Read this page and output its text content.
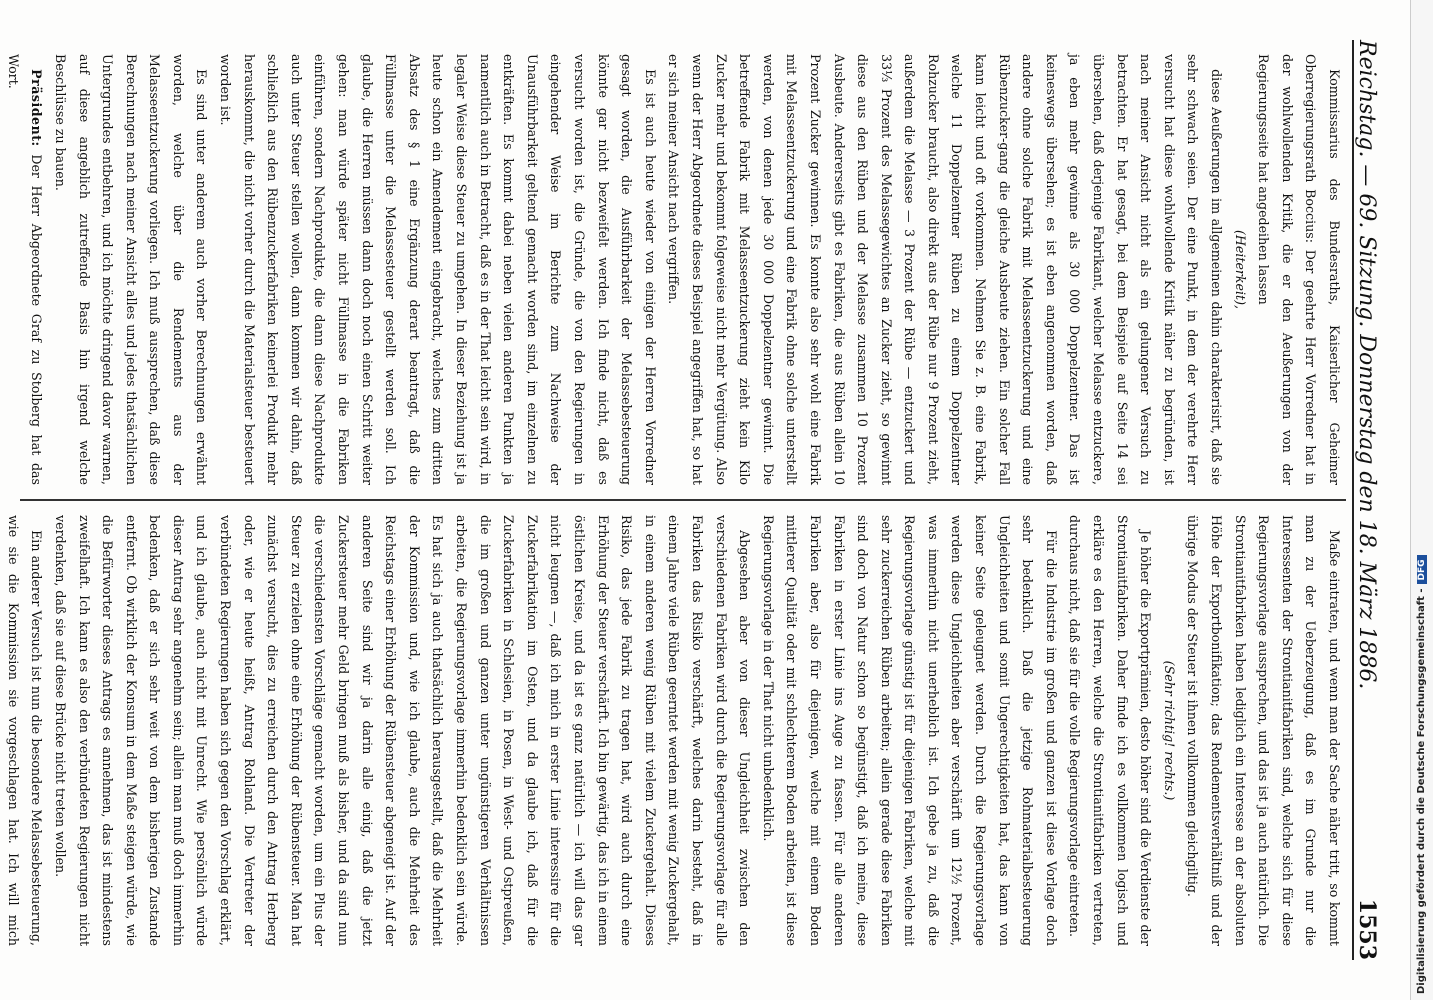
Reichstag. — 69. Sitzung. Donnerstag den 18. März 1886.
1553

Kommissarius des Bundesraths, Kaiserlicher Geheimer Oberregierungsrath Boccius: Der geehrte Herr Vorredner hat in der wohlwollenden Kritik, die er den Aeußerungen von der Regierungsseite hat angedeihen lassen

(Heiterkeit),

diese Aeußerungen im allgemeinen dahin charakterisirt, daß sie sehr schwach seien. Der eine Punkt, in dem der verehrte Herr versucht hat diese wohlwollende Kritik näher zu begründen, ist nach meiner Ansicht nicht als ein gelungener Versuch zu betrachten. Er hat gesagt, bei dem Beispiele auf Seite 14 sei übersehen, daß derjenige Fabrikant, welcher Melasse entzuckere, ja eben mehr gewinne als 30 000 Doppelzentner. Das ist keineswegs übersehen; es ist eben angenommen worden, daß andere ohne solche Fabrik mit Melasseentzuckerung und eine Rübenzucker-gang die gleiche Ausbeute ziehen. Ein solcher Fall kann leicht und oft vorkommen. Nehmen Sie z. B. eine Fabrik, welche 11 Doppelzentner Rüben zu einem Doppelzentner Rohzucker braucht, also direkt aus der Rübe nur 9 Prozent zieht, außerdem die Melasse — 3 Prozent der Rübe — entzuckert und 33⅓ Prozent des Melassegewichtes an Zucker zieht, so gewinnt diese aus den Rüben und der Melasse zusammen 10 Prozent Ausbeute. Andererseits gibt es Fabriken, die aus Rüben allein 10 Prozent Zucker gewinnen. Es konnte also sehr wohl eine Fabrik mit Melasseentzuckerung und eine Fabrik ohne solche unterstellt werden, von denen jede 30 000 Doppelzentner gewinnt. Die betreffende Fabrik mit Melasseentzuckerung zieht kein Kilo Zucker mehr und bekommt folgeweise nicht mehr Vergütung. Also wenn der Herr Abgeordnete dieses Beispiel angegriffen hat, so hat er sich meiner Ansicht nach vergriffen.

Es ist auch heute wieder von einigen der Herren Vorredner gesagt worden, die Ausführbarkeit der Melassebesteuerung könnte gar nicht bezweifelt werden. Ich finde nicht, daß es versucht worden ist, die Gründe, die von den Regierungen in eingehender Weise im Berichte zum Nachweise der Unausführbarkeit geltend gemacht worden sind, im einzelnen zu entkräften. Es kommt dabei neben vielen anderen Punkten ja namentlich auch in Betracht, daß es in der That leicht sein wird, in legaler Weise diese Steuer zu umgehen. In dieser Beziehung ist ja heute schon ein Amendement eingebracht, welches zum dritten Absatz des § 1 eine Ergänzung derart beantragt, daß die Füllmasse unter die Melassesteuer gestellt werden soll. Ich glaube, die Herren müssen dann doch noch einen Schritt weiter gehen: man würde später nicht Füllmasse in die Fabriken einführen, sondern Nachprodukte, die dann diese Nachprodukte auch unter Steuer stellen wollen, dann kommen wir dahin, daß schließlich aus den Rübenzuckerfabriken keinerlei Produkt mehr herauskommt, die nicht vorher durch die Materialsteuer besteuert worden ist.

Es sind unter anderem auch vorher Berechnungen erwähnt worden, welche über die Rendements aus der Melasseentzuckerung vorliegen. Ich muß aussprechen, daß diese Berechnungen nach meiner Ansicht alles und jedes thatsächlichen Untergrundes entbehren, und ich möchte dringend davor warnen, auf diese angeblich zutreffende Basis hin irgend welche Beschlüsse zu bauen.

Präsident: Der Herr Abgeordnete Graf zu Stolberg hat das Wort.

Maße eintraten, und wenn man der Sache näher tritt, so kommt man zu der Ueberzeugung, daß es im Grunde nur die Interessenten der Strontianitfabriken sind, welche sich für diese Regierungsvorlage aussprechen, und das ist ja auch natürlich. Die Strontianitfabriken haben lediglich ein Interesse an der absoluten Höhe der Exportbonifikation; das Rendementsverhältniß und der übrige Modus der Steuer ist ihnen vollkommen gleichgiltig.

(Sehr richtig! rechts.)

Je höher die Exportprämien, desto höher sind die Verdienste der Strontianitfabriken. Daher finde ich es vollkommen logisch und erkläre es den Herren, welche die Strontianitfabriken vertreten, durchaus nicht, daß sie für die volle Regierungsvorlage eintreten.

Für die Industrie im großen und ganzen ist diese Vorlage doch sehr bedenklich. Daß die jetzige Rohmaterialbesteuerung Ungleichheiten und somit Ungerechtigkeiten hat, das kann von keiner Seite geleugnet werden. Durch die Regierungsvorlage werden diese Ungleichheiten aber verschärft um 12½ Prozent, was immerhin nicht unerheblich ist. Ich gebe ja zu, daß die Regierungsvorlage günstig ist für diejenigen Fabriken, welche mit sehr zuckerreichen Rüben arbeiten; allein gerade diese Fabriken sind doch von Natur schon so begünstigt, daß ich meine, diese Fabriken in erster Linie ins Auge zu fassen. Für alle anderen Fabriken aber, also für diejenigen, welche mit einem Boden mittlerer Qualität oder mit schlechterem Boden arbeiten, ist diese Regierungsvorlage in der That nicht unbedenklich.

Abgesehen aber von dieser Ungleichheit zwischen den verschiedenen Fabriken wird durch die Regierungsvorlage für alle Fabriken das Risiko verschärft, welches darin besteht, daß in einem Jahre viele Rüben geerntet werden mit wenig Zuckergehalt, in einem anderen wenig Rüben mit vielem Zuckergehalt. Dieses Risiko, das jede Fabrik zu tragen hat, wird auch durch eine Erhöhung der Steuer verschärft. Ich bin gewärtig, das ich in einem östlichen Kreise, und da ist es ganz natürlich — ich will das gar nicht leugnen —, daß ich mich in erster Linie interessire für die Zuckerfabrikation im Osten, und da glaube ich, daß für die Zuckerfabriken in Schlesien, in Posen, in West- und Ostpreußen, die im großen und ganzen unter ungünstigeren Verhältnissen arbeiten, die Regierungsvorlage immerhin bedenklich sein würde. Es hat sich ja auch thatsächlich herausgestellt, daß die Mehrheit der Kommission und, wie ich glaube, auch die Mehrheit des Reichstags einer Erhöhung der Rübensteuer abgeneigt ist. Auf der anderen Seite sind wir ja darin alle einig, daß die jetzt Zuckersteuer mehr Geld bringen muß als bisher, und da sind nun die verschiedensten Vorschläge gemacht worden, um ein Plus der Steuer zu erzielen ohne eine Erhöhung der Rübensteuer. Man hat zunächst versucht, dies zu erreichen durch den Antrag Herberg oder, wie er heute heißt, Antrag Rohland. Die Vertreter der verbündeten Regierungen haben sich gegen den Vorschlag erklärt, und ich glaube, auch nicht mit Unrecht. Wie persönlich würde dieser Antrag sehr angenehm sein; allein man muß doch immerhin bedenken, daß er sich sehr weit von dem bisherigen Zustande entfernt. Ob wirklich der Konsum in dem Maße steigen würde, wie die Befürworter dieses Antrags es annehmen, das ist mindestens zweifelhaft. Ich kann es also den verbündeten Regierungen nicht verdenken, daß sie auf diese Brücke nicht treten wollen.

Ein anderer Versuch ist nun die besondere Melassebesteuerung, wie sie die Kommission sie vorgeschlagen hat. Ich will mich	Digitalisierung gefördert durch die Deutsche Forschungsgemeinschaft -DFG
